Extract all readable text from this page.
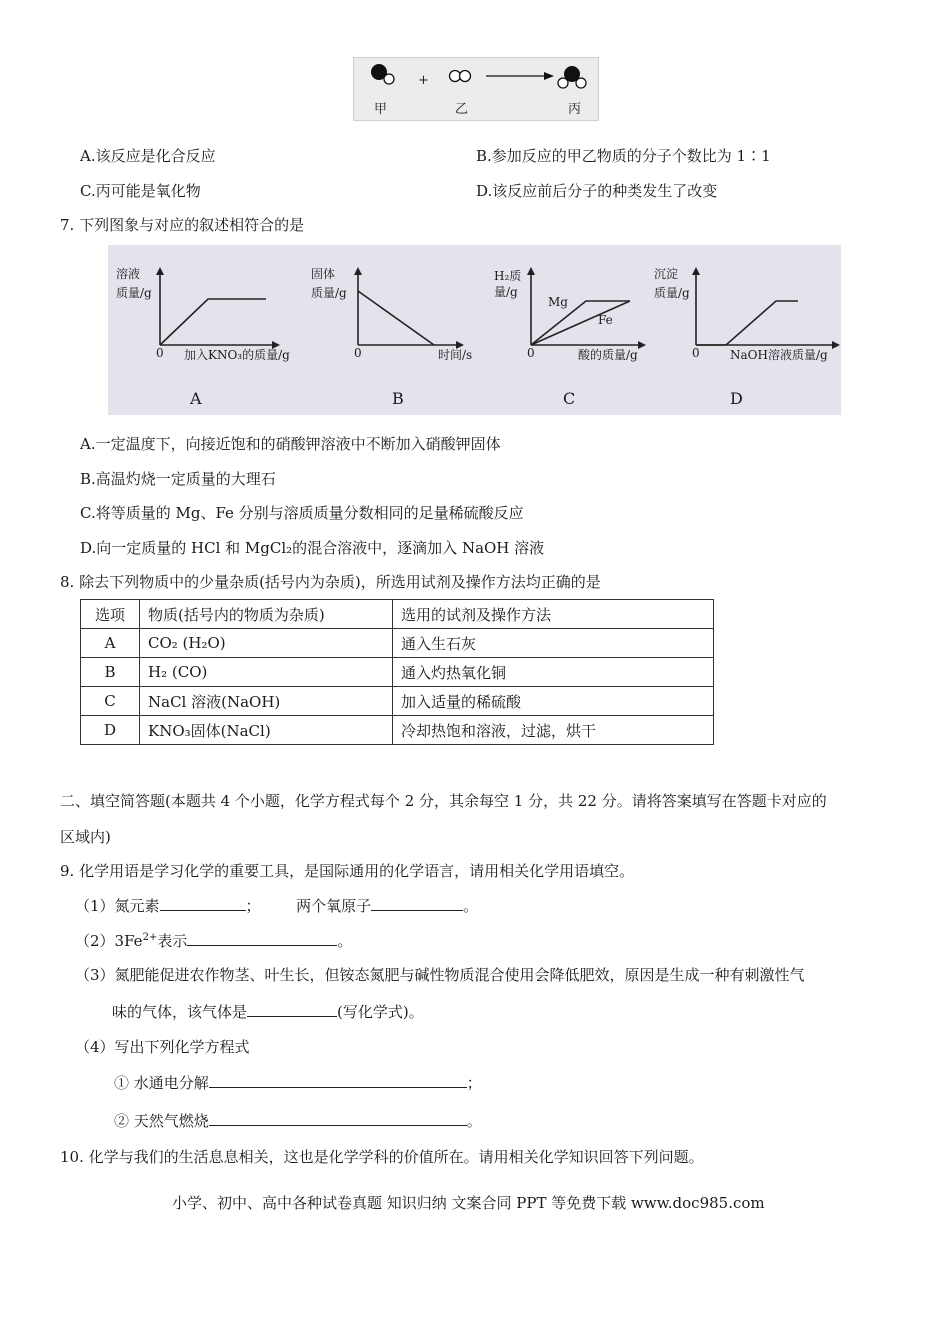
+
甲	乙	丙
A.该反应是化合反应	B.参加反应的甲乙物质的分子个数比为 1∶1
C.丙可能是氧化物	D.该反应前后分子的种类发生了改变
7. 下列图象与对应的叙述相符合的是
溶液
质量/g
0 加入KNO₃的质量/g
A
固体
质量/g
0	时间/s
B
H₂质
量/g
Mg
Fe
0	酸的质量/g
C
沉淀
质量/g
0	NaOH溶液质量/g
D
A.一定温度下，向接近饱和的硝酸钾溶液中不断加入硝酸钾固体
B.高温灼烧一定质量的大理石
C.将等质量的 Mg、Fe 分别与溶质质量分数相同的足量稀硫酸反应
D.向一定质量的 HCl 和 MgCl₂的混合溶液中，逐滴加入 NaOH 溶液
8. 除去下列物质中的少量杂质(括号内为杂质)，所选用试剂及操作方法均正确的是
选项	物质(括号内的物质为杂质)	选用的试剂及操作方法
A	CO₂ (H₂O)	通入生石灰
B	H₂ (CO)	通入灼热氧化铜
C	NaCl 溶液(NaOH)	加入适量的稀硫酸
D	KNO₃固体(NaCl)	冷却热饱和溶液，过滤，烘干
二、填空简答题(本题共 4 个小题，化学方程式每个 2 分，其余每空 1 分，共 22 分。请将答案填写在答题卡对应的
区域内)
9. 化学用语是学习化学的重要工具，是国际通用的化学语言，请用相关化学用语填空。
（1）氮元素	； 两个氧原子	。
$(2)3Fe^{2+}$表示	。
（3）氮肥能促进农作物茎、叶生长，但铵态氮肥与碱性物质混合使用会降低肥效，原因是生成一种有刺激性气
味的气体，该气体是	(写化学式)。
（4）写出下列化学方程式
① 水通电分解	；
② 天然气燃烧	。
10. 化学与我们的生活息息相关，这也是化学学科的价值所在。请用相关化学知识回答下列问题。
小学、初中、高中各种试卷真题 知识归纳 文案合同 PPT 等免费下载 www.doc985.com
